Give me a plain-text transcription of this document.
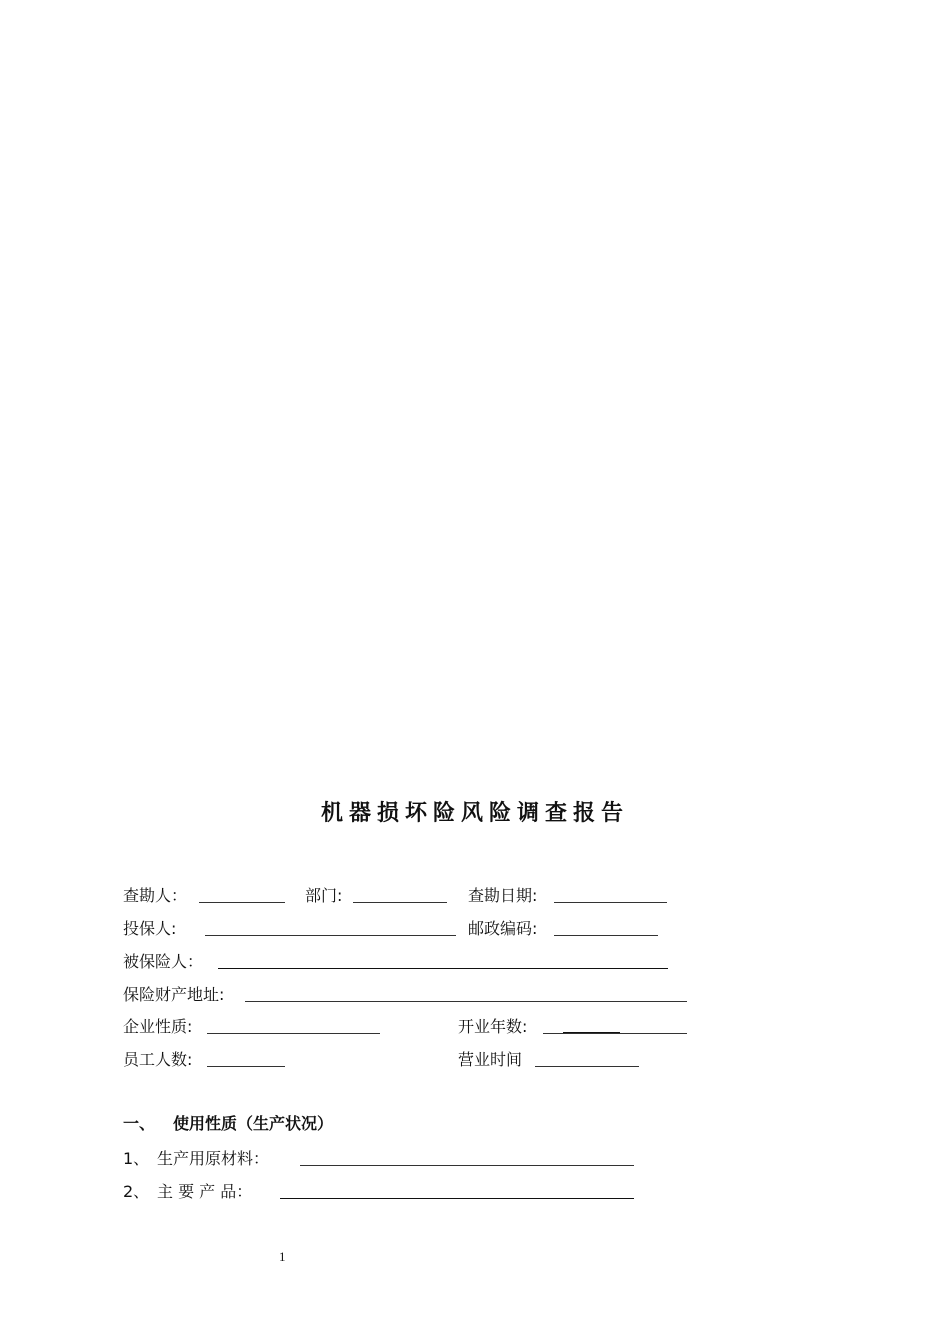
机器损坏险风险调查报告
查勘人：	部门:	查勘日期:
投保人:	邮政编码:
被保险人：
保险财产地址:
企业性质:	开业年数:
员工人数:	营业时间
一、 使用性质（生产状况）
1、 生产用原材料：
2、 主 要 产 品：
1
